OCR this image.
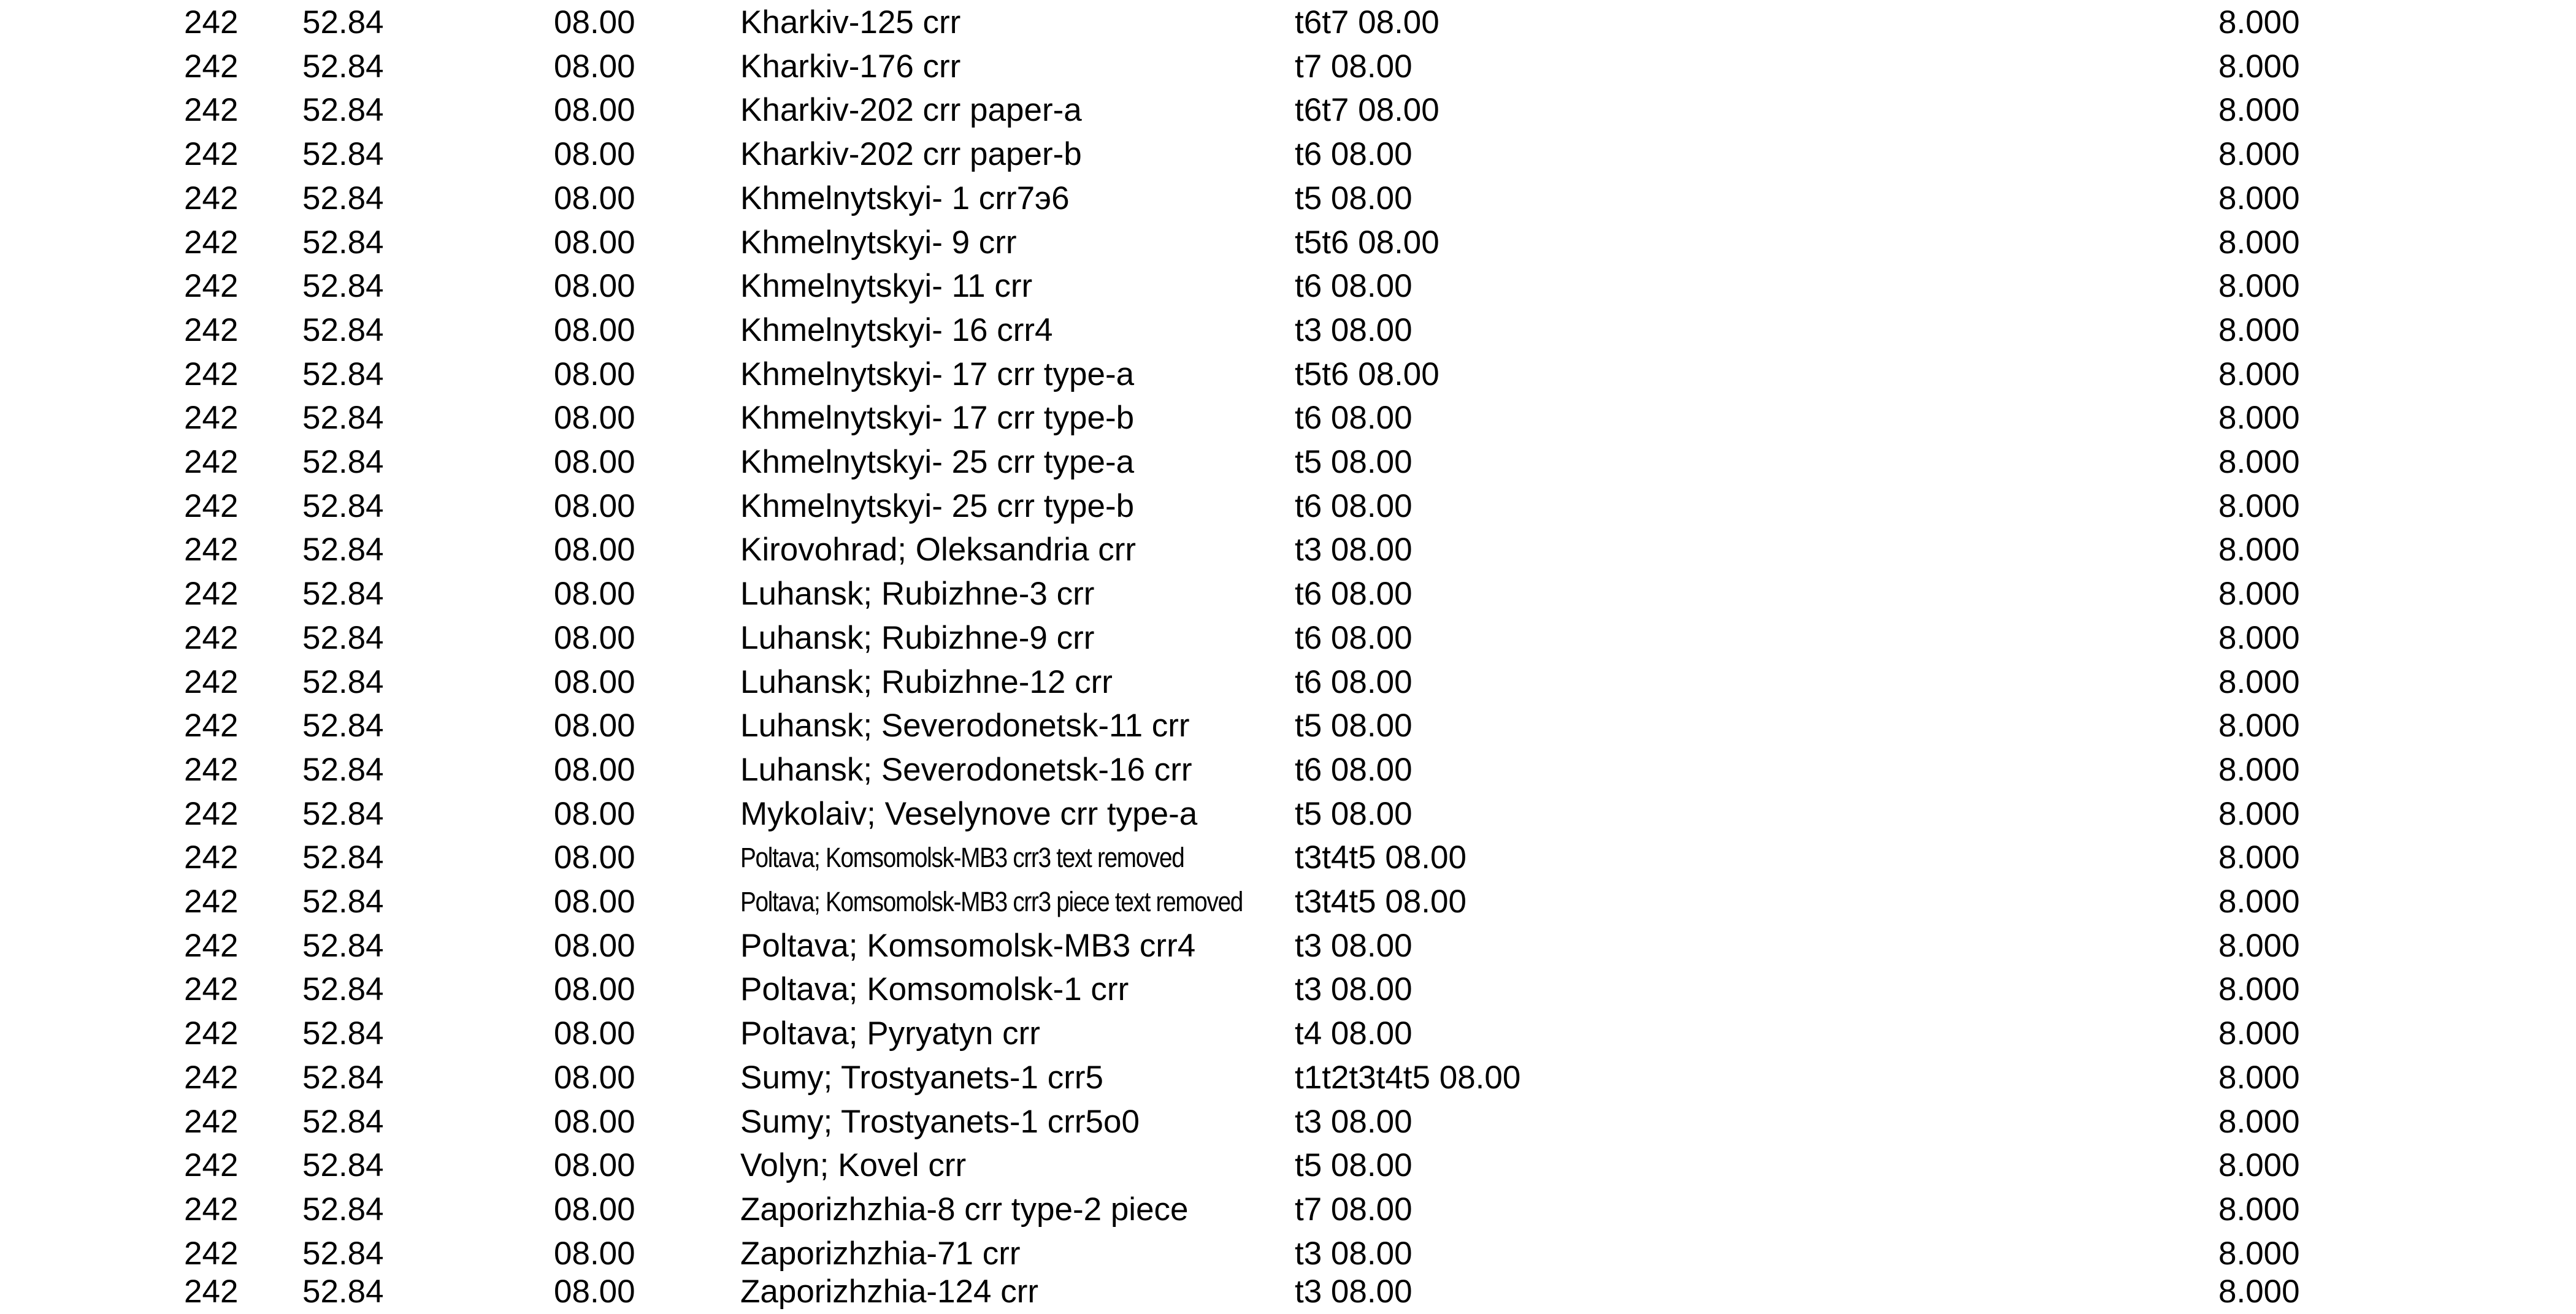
242 52.84	08.00	Kharkiv-125 crr	t6t7 08.00	8.000
242 52.84	08.00	Kharkiv-176 crr	t7 08.00	8.000
242 52.84	08.00	Kharkiv-202 crr paper-a	t6t7 08.00	8.000
242 52.84	08.00	Kharkiv-202 crr paper-b	t6 08.00	8.000
242 52.84	08.00	Khmelnytskyi- 1 crr7э6	t5 08.00	8.000
242 52.84	08.00	Khmelnytskyi- 9 crr	t5t6 08.00	8.000
242 52.84	08.00	Khmelnytskyi- 11 crr	t6 08.00	8.000
242 52.84	08.00	Khmelnytskyi- 16 crr4	t3 08.00	8.000
242 52.84	08.00	Khmelnytskyi- 17 crr type-a	t5t6 08.00	8.000
242 52.84	08.00	Khmelnytskyi- 17 crr type-b	t6 08.00	8.000
242 52.84	08.00	Khmelnytskyi- 25 crr type-a	t5 08.00	8.000
242 52.84	08.00	Khmelnytskyi- 25 crr type-b	t6 08.00	8.000
242 52.84	08.00	Kirovohrad; Oleksandria crr	t3 08.00	8.000
242 52.84	08.00	Luhansk; Rubizhne-3 crr	t6 08.00	8.000
242 52.84	08.00	Luhansk; Rubizhne-9 crr	t6 08.00	8.000
242 52.84	08.00	Luhansk; Rubizhne-12 crr	t6 08.00	8.000
242 52.84	08.00	Luhansk; Severodonetsk-11 crr	t5 08.00	8.000
242 52.84	08.00	Luhansk; Severodonetsk-16 crr	t6 08.00	8.000
242 52.84	08.00	Mykolaiv; Veselynove crr type-a	t5 08.00	8.000
242 52.84	08.00	Poltava; Komsomolsk-MB3 crr3 text removed	t3t4t5 08.00	8.000
242 52.84	08.00	Poltava; Komsomolsk-MB3 crr3 piece text removed t3t4t5 08.00	8.000
242 52.84	08.00	Poltava; Komsomolsk-MB3 crr4	t3 08.00	8.000
242 52.84	08.00	Poltava; Komsomolsk-1 crr	t3 08.00	8.000
242 52.84	08.00	Poltava; Pyryatyn crr	t4 08.00	8.000
242 52.84	08.00	Sumy; Trostyanets-1 crr5	t1t2t3t4t5 08.00	8.000
242 52.84	08.00	Sumy; Trostyanets-1 crr5o0	t3 08.00	8.000
242 52.84	08.00	Volyn; Kovel crr	t5 08.00	8.000
242 52.84	08.00	Zaporizhzhia-8 crr type-2 piece	t7 08.00	8.000
242 52.84	08.00	Zaporizhzhia-71 crr	t3 08.00	8.000
242 52.84	08.00	Zaporizhzhia-124 crr	t3 08.00	8.000
